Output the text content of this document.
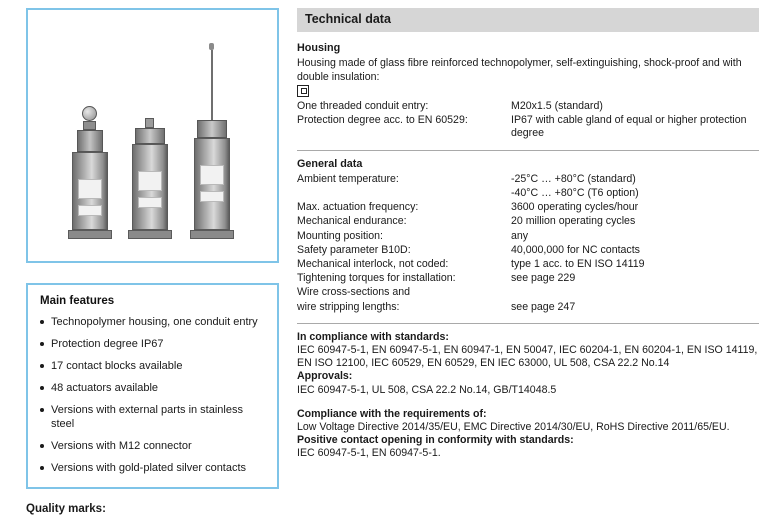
Main features
Technopolymer housing, one conduit entry
Protection degree IP67
17 contact blocks available
48 actuators available
Versions with external parts in stainless steel
Versions with M12 connector
Versions with gold-plated silver contacts
Quality marks:
Technical data
Housing
Housing made of glass fibre reinforced technopolymer, self-extinguishing, shock-proof and with double insulation:
One threaded conduit entry:	M20x1.5 (standard)
Protection degree acc. to EN 60529:	IP67 with cable gland of equal or higher protection degree
General data
Ambient temperature:	-25°C … +80°C (standard)
-40°C … +80°C (T6 option)
Max. actuation frequency:	3600 operating cycles/hour
Mechanical endurance:	20 million operating cycles
Mounting position:	any
Safety parameter B10D:	40,000,000 for NC contacts
Mechanical interlock, not coded:	type 1 acc. to EN ISO 14119
Tightening torques for installation:	see page 229
Wire cross-sections and
wire stripping lengths:	see page 247
In compliance with standards:
IEC 60947-5-1, EN 60947-5-1, EN 60947-1, EN 50047, IEC 60204-1, EN 60204-1, EN ISO 14119, EN ISO 12100, IEC 60529, EN 60529, EN IEC 63000, UL 508, CSA 22.2 No.14
Approvals:
IEC 60947-5-1, UL 508, CSA 22.2 No.14, GB/T14048.5
Compliance with the requirements of:
Low Voltage Directive 2014/35/EU, EMC Directive 2014/30/EU, RoHS Directive 2011/65/EU.
Positive contact opening in conformity with standards:
IEC 60947-5-1, EN 60947-5-1.
